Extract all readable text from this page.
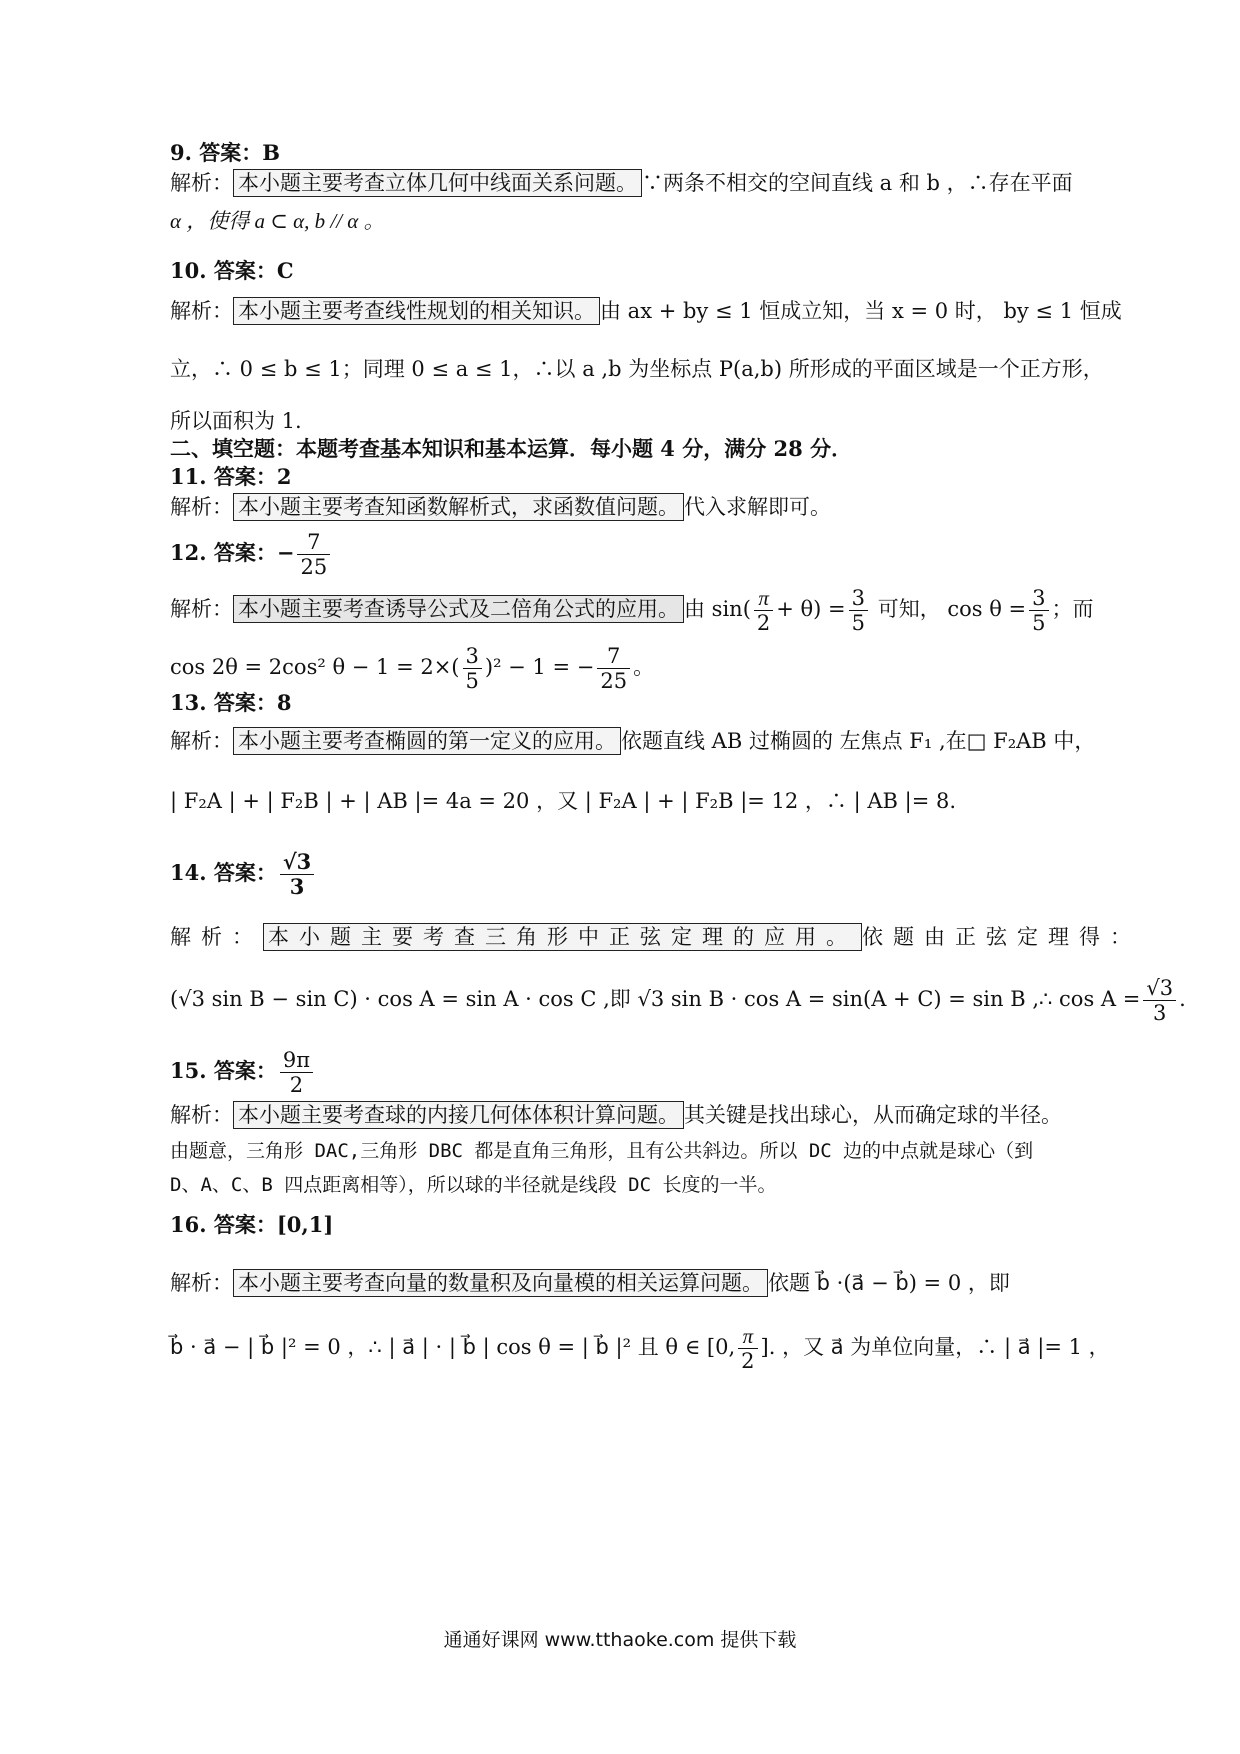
9. 答案：B
解析： 本小题主要考查立体几何中线面关系问题。 ∵两条不相交的空间直线 a 和 b ，∴存在平面
α ，使得 a ⊂ α, b // α 。
10. 答案：C
解析： 本小题主要考查线性规划的相关知识。 由 ax + by ≤ 1 恒成立知，当 x = 0 时， by ≤ 1 恒成
立，∴ 0 ≤ b ≤ 1；同理 0 ≤ a ≤ 1，∴以 a ,b 为坐标点 P(a,b) 所形成的平面区域是一个正方形，
所以面积为 1.
二、填空题：本题考查基本知识和基本运算．每小题 4 分，满分 28 分．
11. 答案：2
解析： 本小题主要考查知函数解析式，求函数值问题。 代入求解即可。
12. 答案：− $\frac{7}{25}$
解析： 本小题主要考查诱导公式及二倍角公式的应用。 由 $\sin( \frac{\pi}{2} + \theta) = \frac{3}{5}$ 可知， $\cos \theta = \frac{3}{5}$ ；而
cos 2θ = 2cos² $\theta - 1 = 2\times( \frac{3}{5} )^2 - 1$ = − $\frac{7}{25}$ 。
13. 答案：8
解析： 本小题主要考查椭圆的第一定义的应用。 依题直线 AB 过椭圆的 左焦点 F₁ ,在□ F₂AB 中，
| F₂A | + | F₂B | + | AB |= 4a = 20 ，又 | F₂A | + | F₂B |= 12 ，∴ | AB |= 8.
14. 答案： $\frac{√3}{3}$
解析： 本小题主要考查三角形中正弦定理的应用。 依题由正弦定理得：
(√3 sin B − sin C) · cos A = sin A · cos C ,即 √3 sin B · cos A = sin(A + C) = sin B ,∴ $\cos A = \frac{√3}{3}$ .
15. 答案： $\frac{9\pi}{2}$
解析： 本小题主要考查球的内接几何体体积计算问题。 其关键是找出球心，从而确定球的半径。
由题意，三角形 DAC,三角形 DBC 都是直角三角形，且有公共斜边。所以 DC 边的中点就是球心（到
D、A、C、B 四点距离相等），所以球的半径就是线段 DC 长度的一半。
16. 答案：[0,1]
解析： 本小题主要考查向量的数量积及向量模的相关运算问题。 依题 b⃗ ·(a⃗ − b⃗) = 0 ，即
b⃗ · a⃗ − | b⃗ |² = 0 ，∴ | a⃗ | · | b⃗ | cos θ = | b⃗ |² 且 θ ∈ [0, $\frac{\pi}{2}$ ]. ，又 a⃗ 为单位向量，∴ | a⃗ |= 1 ，
通通好课网 www.tthaoke.com 提供下载
